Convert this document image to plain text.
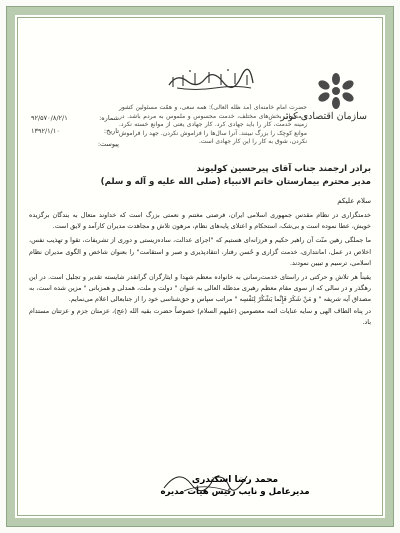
سازمان اقتصادی کوثر
شماره:
۹۲/۵۷۰/۸/۲/۱
تاریخ:
۱۳۹۲/۱/۱۰
پیوست:
حضرت امام خامنه‌ای (مد ظله العالی): همه سعی، و همّت مسئولین کشور و مدیران بخش‌های مختلف، خدمت محسوس و ملموس به مردم باشد. در زمینه خدمت، کار را باید جهادی کرد. کار جهادی یعنی از موانع خسته نکرد. موانع کوچک را بزرگ نبینند. آنرا سال‌ها را فراموش نکردن. جهد را فراموش نکردن، شوق به کار را این کار جهادی است.
برادر ارجمند جناب آقای پیرحسین کولیوند
مدیر محترم بیمارستان خاتم الانبیاء (صلی الله علیه و آله و سلم)
سلام علیکم
خدمتگزاری در نظام مقدس جمهوری اسلامی ایران، فرصتی مغتنم و نعمتی بزرگ است که خداوند متعال به بندگان برگزیده خویش، عطا نموده است و بی‌شک، استحکام و اعتلای پایه‌های نظام، مرهون تلاش و مجاهدت مدیران کارآمد و لایق است.
ما جملگی رهین منّت آن راهبر حکیم و فرزانه‌ای هستیم که "اجرای عدالت، ساده‌زیستی و دوری از تشریفات، تقوا و تهذیب نفس، اخلاص در عمل، امانتداری، خدمت گزاری و حُسن رفتار، انتقادپذیری و صبر و استقامت" را بعنوان شاخص و الگوی مدیران نظام اسلامی، ترسیم و تبیین نمودند.
یقیناً هر تلاش و حرکتی در راستای خدمت‌رسانی به خانواده معظم شهدا و ایثارگران گرانقدر شایسته تقدیر و تجلیل است. در این رهگذر و در سالی که از سوی مقام معظم رهبری مدظله العالی به عنوان " دولت و ملت، همدلی و همزبانی " مزین شده است، به مصداق آیه شریفه " وَ مَنْ شَکَرَ فَإِنَّما یَشْکُرُ لِنَفْسِه " مراتب سپاس و حق‌شناسی خود را از جنابعالی اعلام می‌نمایم.
در پناه الطاف الهی و سایه عنایات ائمه معصومین (علیهم السلام) خصوصاً حضرت بقیه الله (عج)، عزمتان جزم و عزتتان مستدام باد.
محمد رضا اسکندری
مدیرعامل و نایب رئیس هیأت مدیره
